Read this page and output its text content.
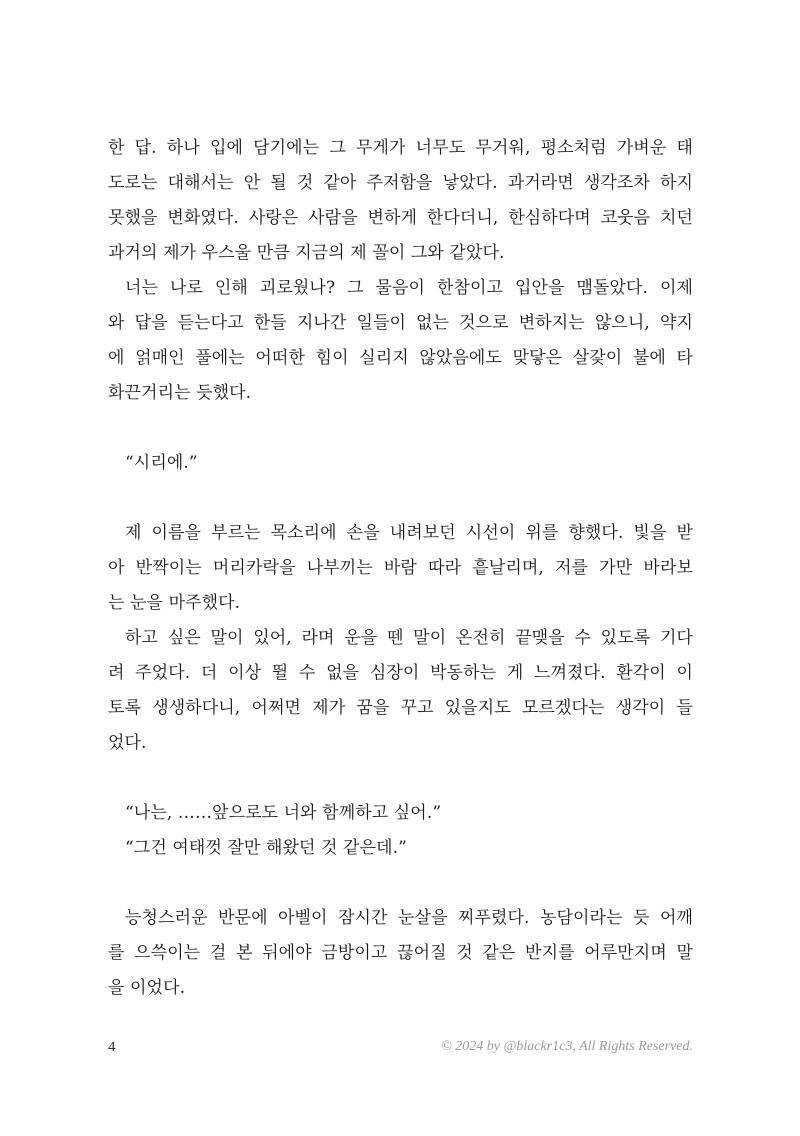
한 답. 하나 입에 담기에는 그 무게가 너무도 무거워, 평소처럼 가벼운 태
도로는 대해서는 안 될 것 같아 주저함을 낳았다. 과거라면 생각조차 하지
못했을 변화였다. 사랑은 사람을 변하게 한다더니, 한심하다며 코웃음 치던
과거의 제가 우스울 만큼 지금의 제 꼴이 그와 같았다.
너는 나로 인해 괴로웠나? 그 물음이 한참이고 입안을 맴돌았다. 이제
와 답을 듣는다고 한들 지나간 일들이 없는 것으로 변하지는 않으니, 약지
에 얽매인 풀에는 어떠한 힘이 실리지 않았음에도 맞닿은 살갗이 불에 타
화끈거리는 듯했다.
“시리에.”
제 이름을 부르는 목소리에 손을 내려보던 시선이 위를 향했다. 빛을 받
아 반짝이는 머리카락을 나부끼는 바람 따라 흩날리며, 저를 가만 바라보
는 눈을 마주했다.
하고 싶은 말이 있어, 라며 운을 뗀 말이 온전히 끝맺을 수 있도록 기다
려 주었다. 더 이상 뛸 수 없을 심장이 박동하는 게 느껴졌다. 환각이 이
토록 생생하다니, 어쩌면 제가 꿈을 꾸고 있을지도 모르겠다는 생각이 들
었다.
“나는, ……앞으로도 너와 함께하고 싶어.”
“그건 여태껏 잘만 해왔던 것 같은데.”
능청스러운 반문에 아벨이 잠시간 눈살을 찌푸렸다. 농담이라는 듯 어깨
를 으쓱이는 걸 본 뒤에야 금방이고 끊어질 것 같은 반지를 어루만지며 말
을 이었다.
4	© 2024 by @blackr1c3, All Rights Reserved.
